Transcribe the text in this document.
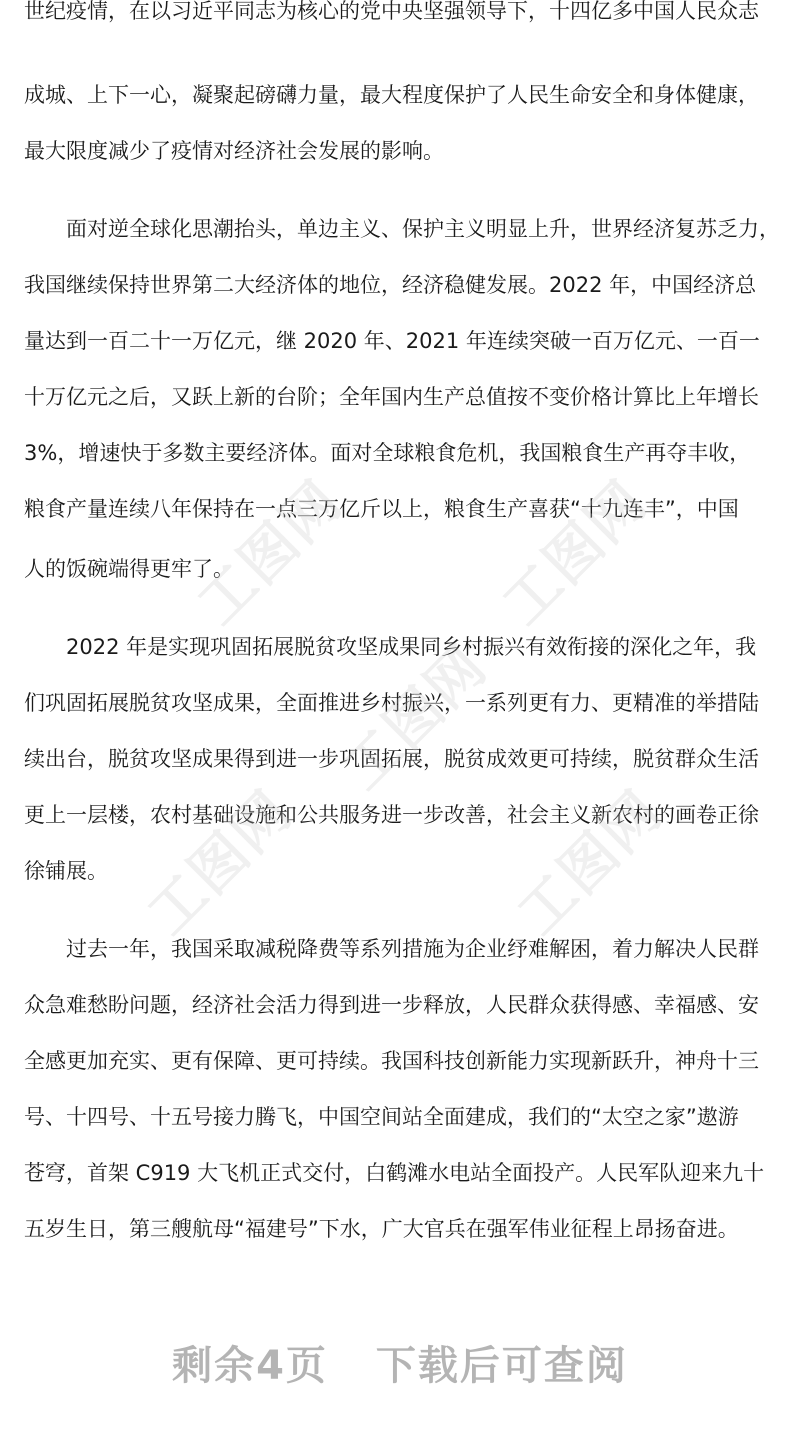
世纪疫情，在以习近平同志为核心的党中央坚强领导下，十四亿多中国人民众志
成城、上下一心，凝聚起磅礴力量，最大程度保护了人民生命安全和身体健康，
最大限度减少了疫情对经济社会发展的影响。
　　面对逆全球化思潮抬头，单边主义、保护主义明显上升，世界经济复苏乏力，
我国继续保持世界第二大经济体的地位，经济稳健发展。2022 年，中国经济总
量达到一百二十一万亿元，继 2020 年、2021 年连续突破一百万亿元、一百一
十万亿元之后，又跃上新的台阶；全年国内生产总值按不变价格计算比上年增长
3%，增速快于多数主要经济体。面对全球粮食危机，我国粮食生产再夺丰收，
粮食产量连续八年保持在一点三万亿斤以上，粮食生产喜获“十九连丰”，中国
人的饭碗端得更牢了。
　　2022 年是实现巩固拓展脱贫攻坚成果同乡村振兴有效衔接的深化之年，我
们巩固拓展脱贫攻坚成果，全面推进乡村振兴，一系列更有力、更精准的举措陆
续出台，脱贫攻坚成果得到进一步巩固拓展，脱贫成效更可持续，脱贫群众生活
更上一层楼，农村基础设施和公共服务进一步改善，社会主义新农村的画卷正徐
徐铺展。
　　过去一年，我国采取减税降费等系列措施为企业纾难解困，着力解决人民群
众急难愁盼问题，经济社会活力得到进一步释放，人民群众获得感、幸福感、安
全感更加充实、更有保障、更可持续。我国科技创新能力实现新跃升，神舟十三
号、十四号、十五号接力腾飞，中国空间站全面建成，我们的“太空之家”遨游
苍穹，首架 C919 大飞机正式交付，白鹤滩水电站全面投产。人民军队迎来九十
五岁生日，第三艘航母“福建号”下水，广大官兵在强军伟业征程上昂扬奋进。
工图网 工图网
工图网
工图网	工图网
剩余4页 下载后可查阅
